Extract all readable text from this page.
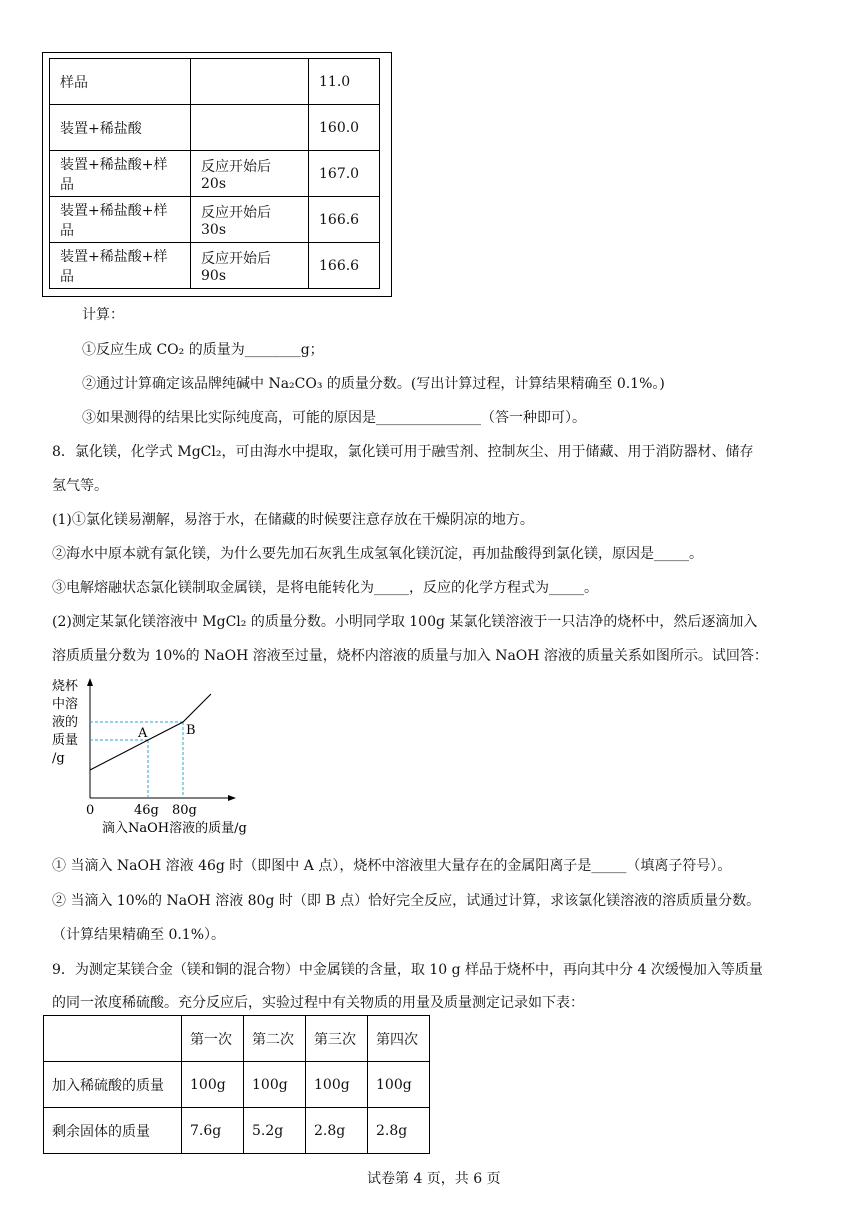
样品		11.0
装置+稀盐酸		160.0
装置+稀盐酸+样品	反应开始后 20s	167.0
装置+稀盐酸+样品	反应开始后 30s	166.6
装置+稀盐酸+样品	反应开始后 90s	166.6
计算：
①反应生成 CO₂ 的质量为________g；
②通过计算确定该品牌纯碱中 Na₂CO₃ 的质量分数。(写出计算过程，计算结果精确至 0.1%。)
③如果测得的结果比实际纯度高，可能的原因是_______________（答一种即可）。
8．氯化镁，化学式 MgCl₂，可由海水中提取，氯化镁可用于融雪剂、控制灰尘、用于储藏、用于消防器材、储存
氢气等。
(1)①氯化镁易潮解，易溶于水，在储藏的时候要注意存放在干燥阴凉的地方。
②海水中原本就有氯化镁，为什么要先加石灰乳生成氢氧化镁沉淀，再加盐酸得到氯化镁，原因是_____。
③电解熔融状态氯化镁制取金属镁，是将电能转化为_____，反应的化学方程式为_____。
(2)测定某氯化镁溶液中 MgCl₂ 的质量分数。小明同学取 100g 某氯化镁溶液于一只洁净的烧杯中，然后逐滴加入
溶质质量分数为 10%的 NaOH 溶液至过量，烧杯内溶液的质量与加入 NaOH 溶液的质量关系如图所示。试回答：
烧杯
中溶
液的
质量
/g
A	B
0	46g 80g
滴入NaOH溶液的质量/g
① 当滴入 NaOH 溶液 46g 时（即图中 A 点），烧杯中溶液里大量存在的金属阳离子是_____（填离子符号）。
② 当滴入 10%的 NaOH 溶液 80g 时（即 B 点）恰好完全反应，试通过计算，求该氯化镁溶液的溶质质量分数。
（计算结果精确至 0.1%）。
9．为测定某镁合金（镁和铜的混合物）中金属镁的含量，取 10 g 样品于烧杯中，再向其中分 4 次缓慢加入等质量
的同一浓度稀硫酸。充分反应后，实验过程中有关物质的用量及质量测定记录如下表：
	第一次	第二次	第三次	第四次
加入稀硫酸的质量	100g	100g	100g	100g
剩余固体的质量	7.6g	5.2g	2.8g	2.8g
试卷第 4 页，共 6 页
